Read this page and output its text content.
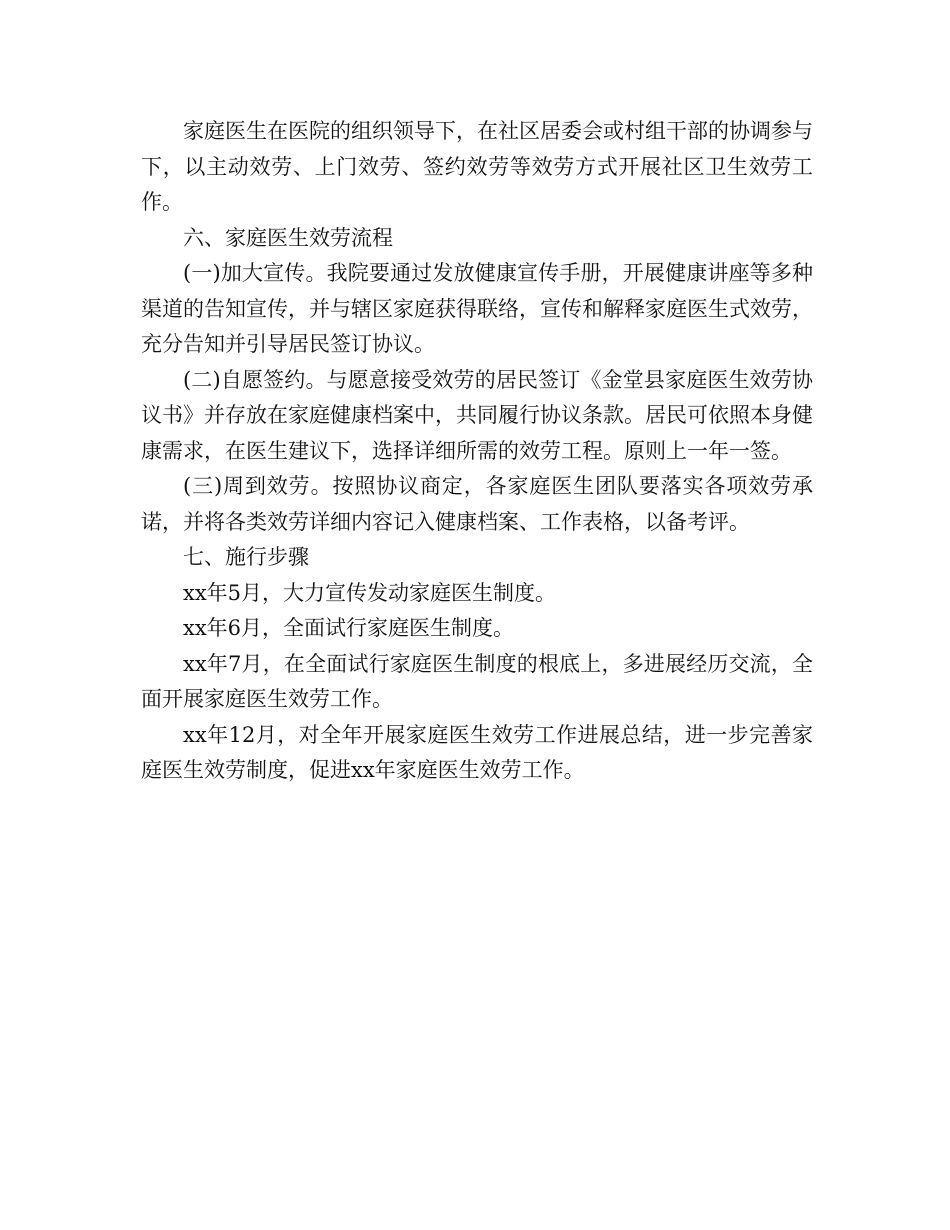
家庭医生在医院的组织领导下，在社区居委会或村组干部的协调参与下，以主动效劳、上门效劳、签约效劳等效劳方式开展社区卫生效劳工作。

六、家庭医生效劳流程

(一)加大宣传。我院要通过发放健康宣传手册，开展健康讲座等多种渠道的告知宣传，并与辖区家庭获得联络，宣传和解释家庭医生式效劳，充分告知并引导居民签订协议。

(二)自愿签约。与愿意接受效劳的居民签订《金堂县家庭医生效劳协议书》并存放在家庭健康档案中，共同履行协议条款。居民可依照本身健康需求，在医生建议下，选择详细所需的效劳工程。原则上一年一签。

(三)周到效劳。按照协议商定，各家庭医生团队要落实各项效劳承诺，并将各类效劳详细内容记入健康档案、工作表格，以备考评。

七、施行步骤

xx年5月，大力宣传发动家庭医生制度。

xx年6月，全面试行家庭医生制度。

xx年7月，在全面试行家庭医生制度的根底上，多进展经历交流，全面开展家庭医生效劳工作。

xx年12月，对全年开展家庭医生效劳工作进展总结，进一步完善家庭医生效劳制度，促进xx年家庭医生效劳工作。
